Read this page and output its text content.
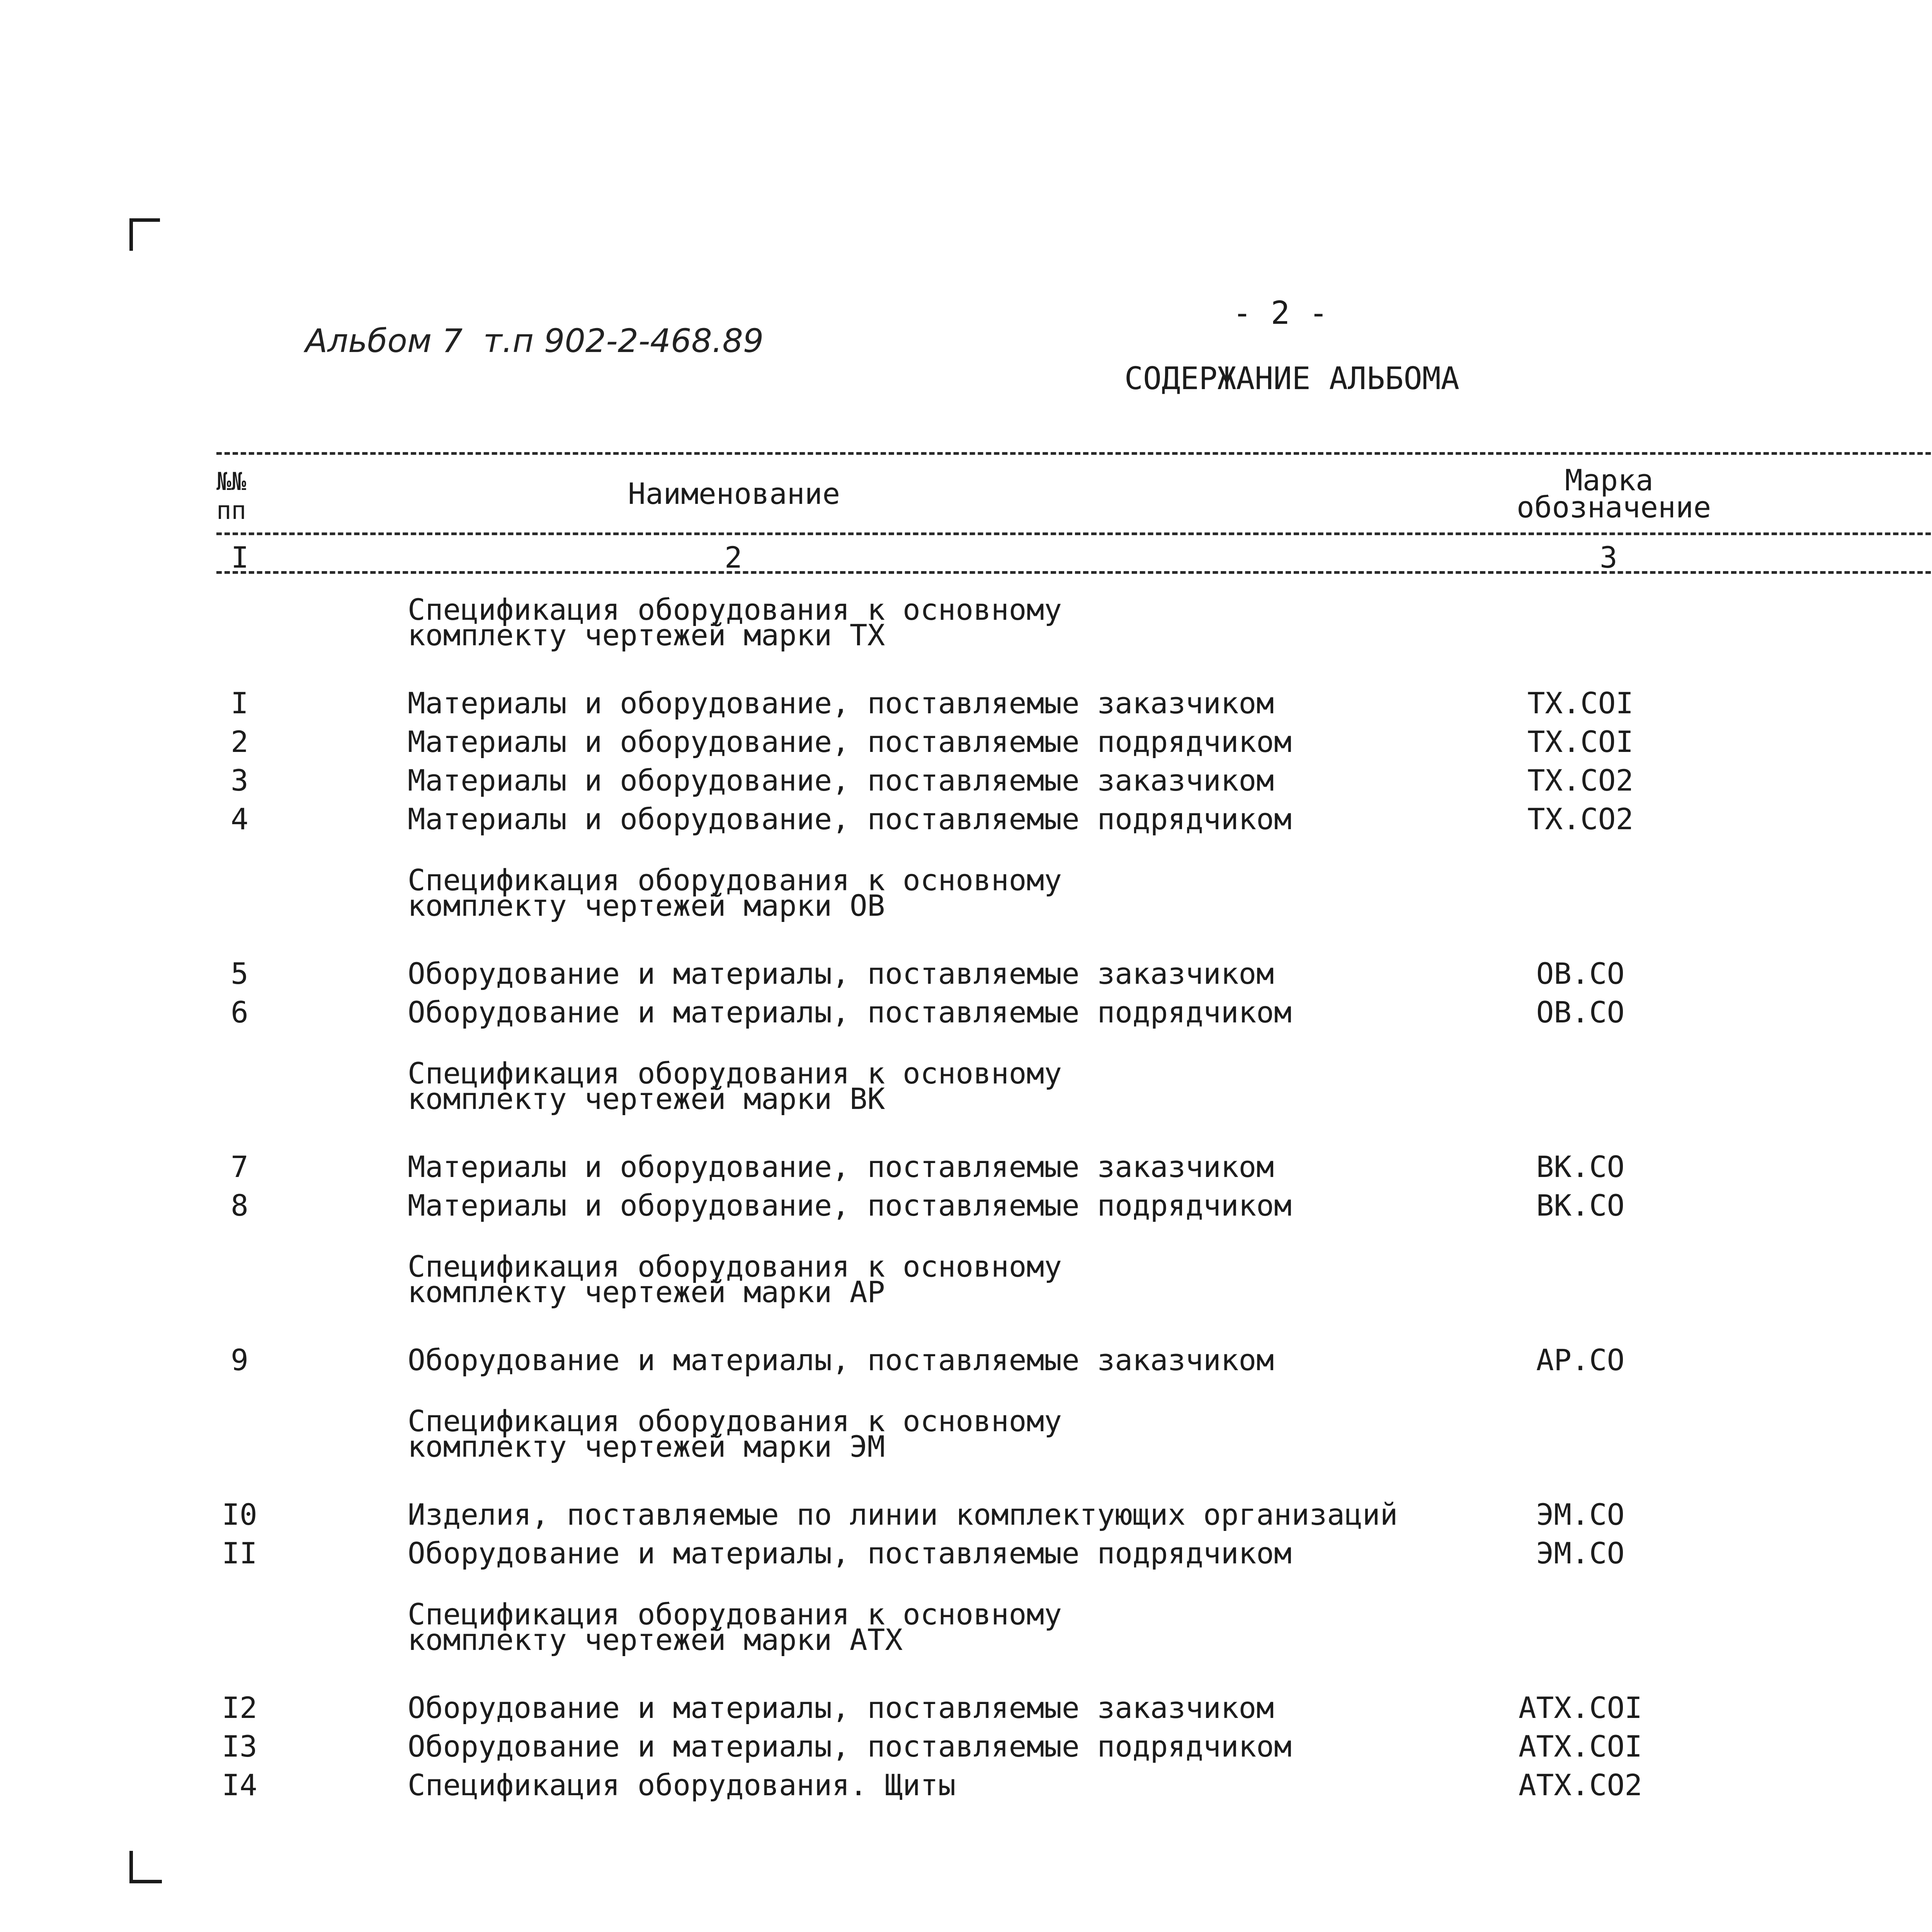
Альбом 7  т.п 902-2-468.89
- 2 -
СОДЕРЖАНИЕ АЛЬБОМА
№№
пп	Наименование	Марка
обозначение
I	2	3
Спецификация оборудования к основному
комплекту чертежей марки ТХ
I	Материалы и оборудование, поставляемые заказчиком	ТХ.СОI
2	Материалы и оборудование, поставляемые подрядчиком	ТХ.СОI
3	Материалы и оборудование, поставляемые заказчиком	ТХ.СО2
4	Материалы и оборудование, поставляемые подрядчиком	ТХ.СО2
Спецификация оборудования к основному
комплекту чертежей марки ОВ
5	Оборудование и материалы, поставляемые заказчиком	ОВ.СО
6	Оборудование и материалы, поставляемые подрядчиком	ОВ.СО
Спецификация оборудования к основному
комплекту чертежей марки ВК
7	Материалы и оборудование, поставляемые заказчиком	ВК.СО
8	Материалы и оборудование, поставляемые подрядчиком	ВК.СО
Спецификация оборудования к основному
комплекту чертежей марки АР
9	Оборудование и материалы, поставляемые заказчиком	АР.СО
Спецификация оборудования к основному
комплекту чертежей марки ЭМ
I0	Изделия, поставляемые по линии комплектующих организаций	ЭМ.СО
II	Оборудование и материалы, поставляемые подрядчиком	ЭМ.СО
Спецификация оборудования к основному
комплекту чертежей марки АТХ
I2	Оборудование и материалы, поставляемые заказчиком	АТХ.СОI
I3	Оборудование и материалы, поставляемые подрядчиком	АТХ.СОI
I4	Спецификация оборудования. Щиты	АТХ.СО2
